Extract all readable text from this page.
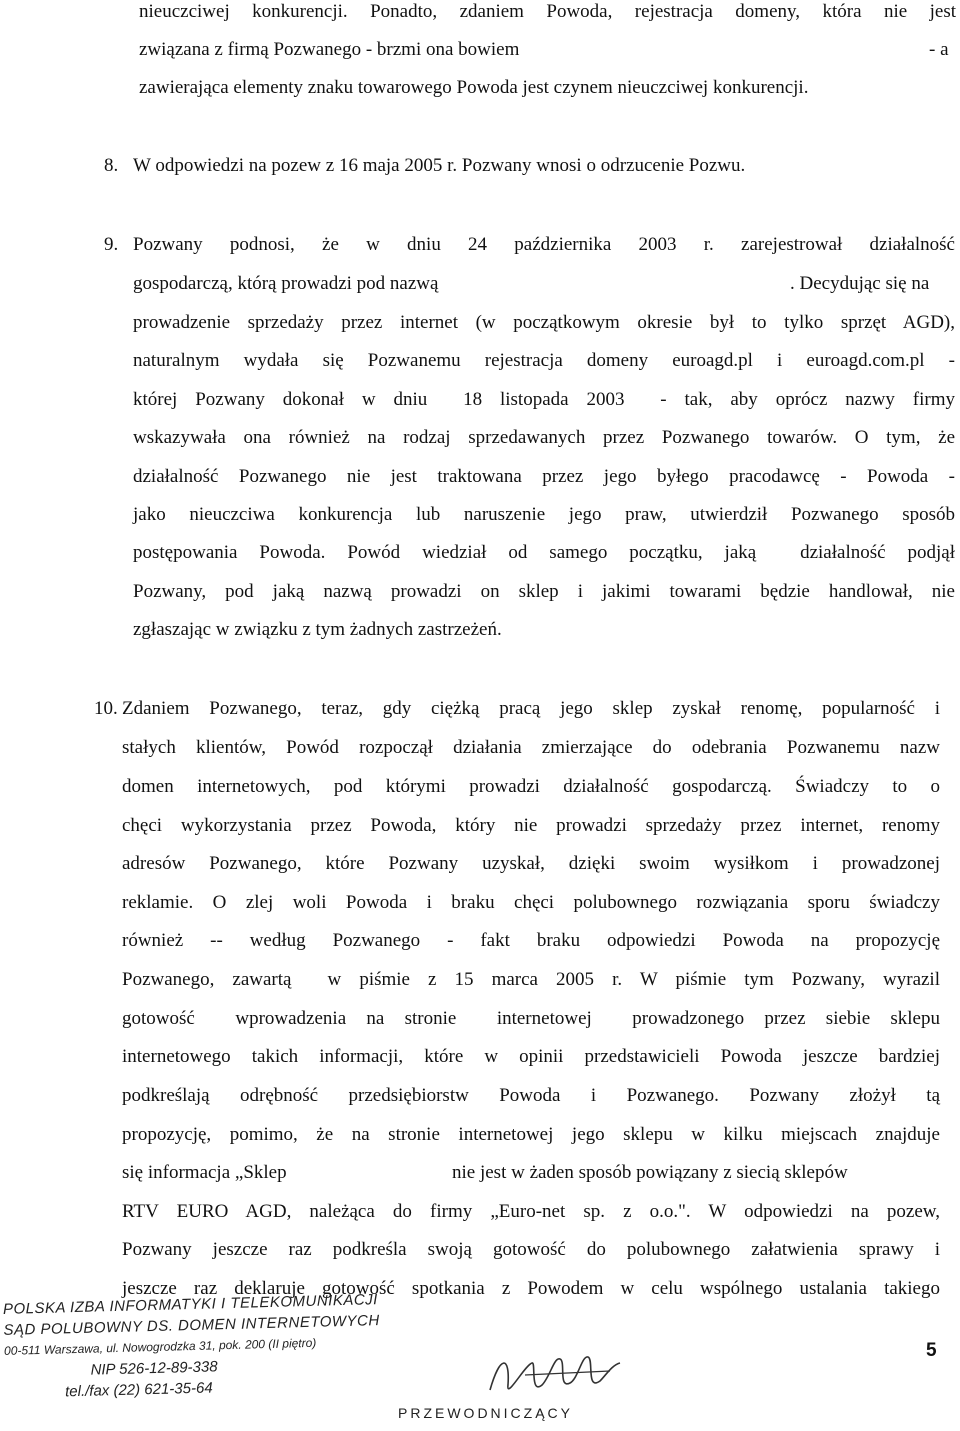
nieuczciwej konkurencji. Ponadto, zdaniem Powoda, rejestracja domeny, która nie jest
związana z firmą Pozwanego - brzmi ona bowiem	- a
zawierająca elementy znaku towarowego Powoda jest czynem nieuczciwej konkurencji.
8. W odpowiedzi na pozew z 16 maja 2005 r. Pozwany wnosi o odrzucenie Pozwu.
9. Pozwany podnosi, że w dniu 24 października 2003 r. zarejestrował działalność
gospodarczą, którą prowadzi pod nazwą	. Decydując się na
prowadzenie sprzedaży przez internet (w początkowym okresie był to tylko sprzęt AGD),
naturalnym wydała się Pozwanemu rejestracja domeny euroagd.pl i euroagd.com.pl -
której Pozwany dokonał w dniu  18 listopada 2003  - tak, aby oprócz nazwy firmy
wskazywała ona również na rodzaj sprzedawanych przez Pozwanego towarów. O tym, że
działalność Pozwanego nie jest traktowana przez jego byłego pracodawcę - Powoda -
jako nieuczciwa konkurencja lub naruszenie jego praw, utwierdził Pozwanego sposób
postępowania Powoda. Powód wiedział od samego początku, jaką  działalność podjął
Pozwany, pod jaką nazwą prowadzi on sklep i jakimi towarami będzie handlował, nie
zgłaszając w związku z tym żadnych zastrzeżeń.
10. Zdaniem Pozwanego, teraz, gdy ciężką pracą jego sklep zyskał renomę, popularność i
stałych klientów, Powód rozpoczął działania zmierzające do odebrania Pozwanemu nazw
domen internetowych, pod którymi prowadzi działalność gospodarczą. Świadczy to o
chęci wykorzystania przez Powoda, który nie prowadzi sprzedaży przez internet, renomy
adresów Pozwanego, które Pozwany uzyskał, dzięki swoim wysiłkom i prowadzonej
reklamie. O zlej woli Powoda i braku chęci polubownego rozwiązania sporu świadczy
również -- według Pozwanego - fakt braku odpowiedzi Powoda na propozycję
Pozwanego, zawartą  w piśmie z 15 marca 2005 r. W piśmie tym Pozwany, wyrazil
gotowość  wprowadzenia na stronie  internetowej  prowadzonego przez siebie sklepu
internetowego takich informacji, które w opinii przedstawicieli Powoda jeszcze bardziej
podkreślają  odrębność  przedsiębiorstw  Powoda  i  Pozwanego.  Pozwany  złożył  tą
propozycję, pomimo, że na stronie internetowej jego sklepu w kilku miejscach znajduje
się informacja „Sklep	nie jest w żaden sposób powiązany z siecią sklepów
RTV EURO AGD, należąca do firmy „Euro-net sp. z o.o.". W odpowiedzi na pozew,
Pozwany jeszcze raz podkreśla swoją gotowość do polubownego załatwienia sprawy i
jeszcze raz deklaruje gotowość spotkania z Powodem w celu wspólnego ustalania takiego
POLSKA IZBA INFORMATYKI I TELEKOMUNIKACJI
SĄD POLUBOWNY DS. DOMEN INTERNETOWYCH
00-511 Warszawa, ul. Nowogrodzka 31, pok. 200 (II piętro)
NIP 526-12-89-338
tel./fax (22) 621-35-64
PRZEWODNICZĄCY
5
